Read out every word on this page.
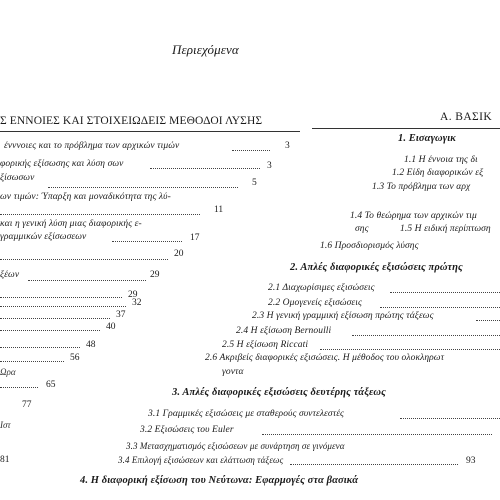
Περιεχόμενα
Σ ΕΝΝΟΙΕΣ ΚΑΙ ΣΤΟΙΧΕΙΩΔΕΙΣ ΜΕΘΟΔΟΙ ΛΥΣΗΣ
ένννοιες και το πρόβλημα των αρχικών τιμών	3
φορικής εξίσωσης και λύση σων	3
ξίσωσων	5
ων τιμών: Ύπαρξη και μοναδικότητα της λύ-
11
και η γενική λύση μιας διαφορικής ε-
γραμμικών εξίσωσεων	17
20
ξέων	29
29
32
37
40
48
56
Ωρα
65
77
Ιστ
81
Α. ΒΑΣΙΚ
1. Εισαγωγικ
1.1 Η έννοια της δι
1.2 Είδη διαφορικών εξ
1.3 Το πρόβλημα των αρχ
1.4 Το θεώρημα των αρχικών τιμ
σης	1.5 Η ειδική περίπτωση
1.6 Προσδιορισμός λύσης
2. Απλές διαφορικές εξισώσεις πρώτης
2.1 Διαχωρίσιμες εξισώσεις
2.2 Ομογενείς εξισώσεις
2.3 Η γενική γραμμική εξίσωση πρώτης τάξεως
2.4 Η εξίσωση Bernoulli
2.5 Η εξίσωση Riccati
2.6 Ακριβείς διαφορικές εξισώσεις. Η μέθοδος του ολοκληρωτ
γοντα
3. Απλές διαφορικές εξισώσεις δευτέρης τάξεως
3.1 Γραμμικές εξισώσεις με σταθερούς συντελεστές
3.2 Εξισώσεις του Euler
3.3 Μετασχηματισμός εξισώσεων με συνάρτηση σε γινόμενα
3.4 Επιλογή εξισώσεων και ελάττωση τάξεως	93
4. Η διαφορική εξίσωση του Νεύτωνα: Εφαρμογές στα βασικά
